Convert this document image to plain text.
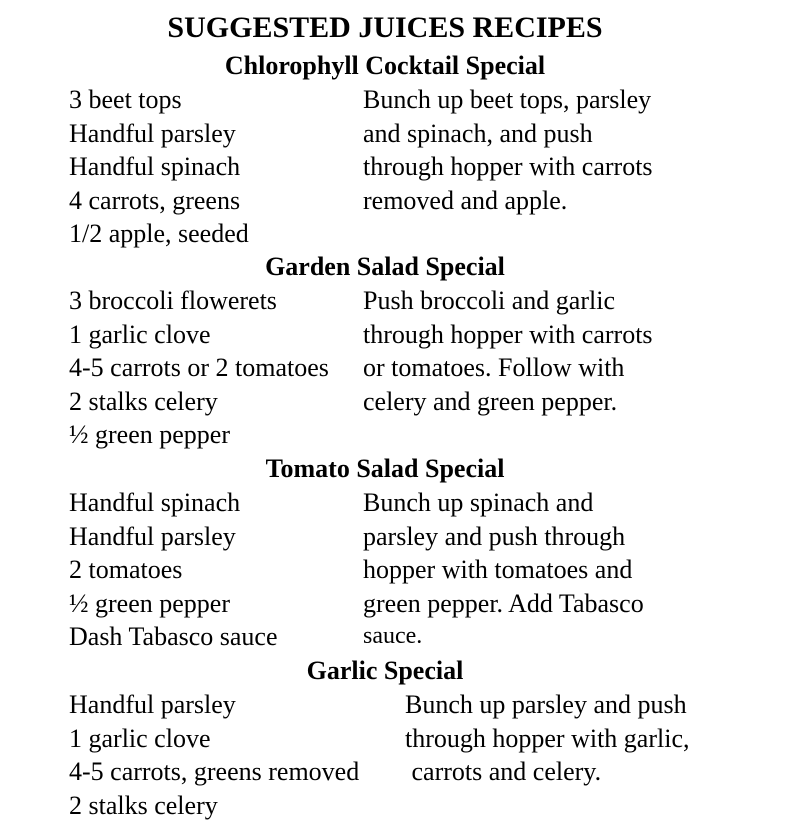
SUGGESTED JUICES RECIPES
Chlorophyll Cocktail Special
3 beet tops
Handful parsley
Handful spinach
4 carrots, greens
1/2 apple, seeded
Bunch up beet tops, parsley
and spinach, and push
through hopper with carrots
removed and apple.
Garden Salad Special
3 broccoli flowerets
1 garlic clove
4-5 carrots or 2 tomatoes
2 stalks celery
½ green pepper
Push broccoli and garlic
through hopper with carrots
or tomatoes. Follow with
celery and green pepper.
Tomato Salad Special
Handful spinach
Handful parsley
2 tomatoes
½ green pepper
Dash Tabasco sauce
Bunch up spinach and
parsley and push through
hopper with tomatoes and
green pepper. Add Tabasco
sauce.
Garlic Special
Handful parsley
1 garlic clove
4-5 carrots, greens removed
2 stalks celery
Bunch up parsley and push
through hopper with garlic,
carrots and celery.
